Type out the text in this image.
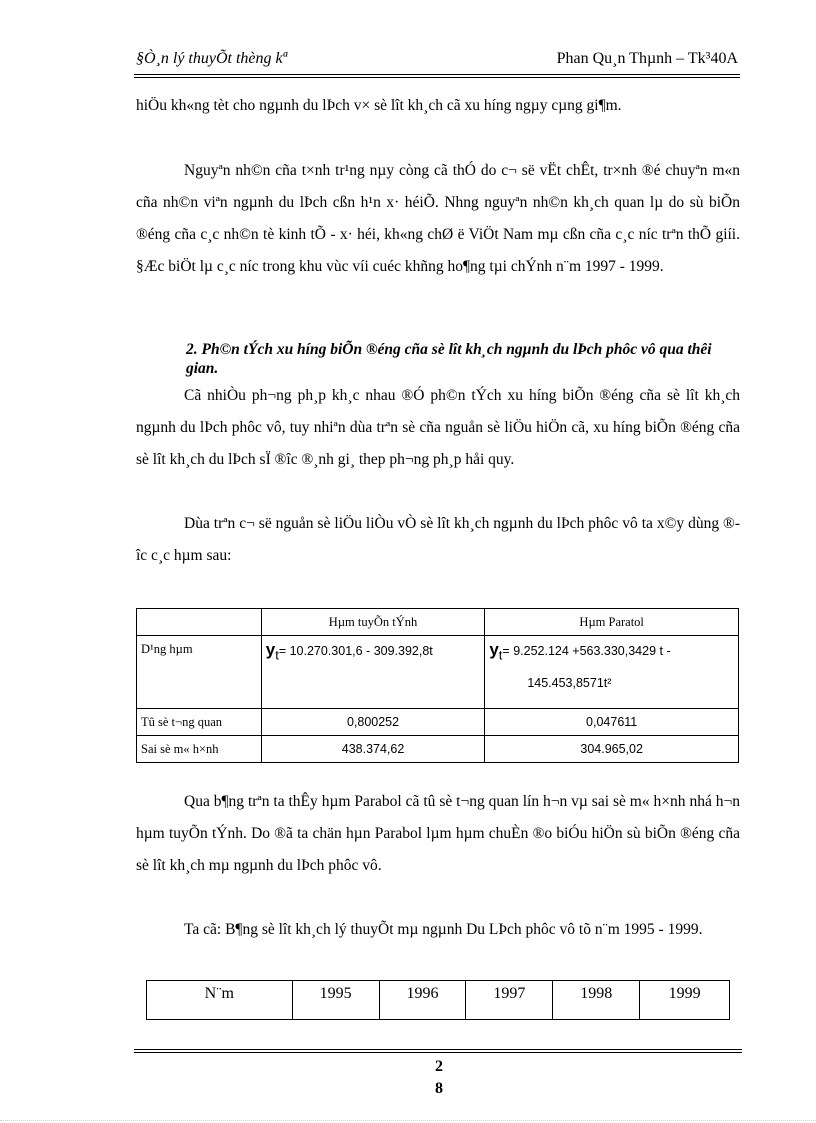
§Ò¸n lý thuyÕt thèng kª	Phan Qu¸n Thµnh – Tk³40A

hiÖu kh«ng tèt cho ngµnh du lÞch v× sè lît kh¸ch cã xu híng ngµy cµng gi¶m.

Nguyªn nh©n cña t×nh tr¹ng nµy còng cã thÓ do c¬ së vËt chÊt, tr×nh ®é chuyªn m«n cña nh©n viªn ngµnh du lÞch cßn h¹n x· héiÕ. Nhng nguyªn nh©n kh¸ch quan lµ do sù biÕn ®éng cña c¸c nh©n tè kinh tÕ - x· héi, kh«ng chØ ë ViÖt Nam mµ cßn cña c¸c níc trªn thÕ giíi. §Æc biÖt lµ c¸c níc trong khu vùc víi cuéc khñng ho¶ng tµi chÝnh n¨m 1997 - 1999.

2. Ph©n tÝch xu híng biÕn ®éng cña sè lît kh¸ch ngµnh du lÞch phôc vô qua thêi gian.

Cã nhiÒu ph¬ng ph¸p kh¸c nhau ®Ó ph©n tÝch xu híng biÕn ®éng cña sè lît kh¸ch ngµnh du lÞch phôc vô, tuy nhiªn dùa trªn sè cña nguån sè liÖu hiÖn cã, xu híng biÕn ®éng cña sè lît kh¸ch du lÞch sÏ ®îc ®¸nh gi¸ thep ph¬ng ph¸p håi quy.

Dùa trªn c¬ së nguån sè liÖu liÒu vÒ sè lît kh¸ch ngµnh du lÞch phôc vô ta x©y dùng ®îc c¸c hµm sau:

	Hµm tuyÕn tÝnh	Hµm Paratol
D¹ng hµm	$y_t= 10.270.301,6 - 309.392,8t$	$y_t= 9.252.124 +563.330,3429$ t -
145.453,8571t²

Tû sè t¬ng quan	0,800252	0,047611
Sai sè m« h×nh	438.374,62	304.965,02

Qua b¶ng trªn ta thÊy hµm Parabol cã tû sè t¬ng quan lín h¬n vµ sai sè m« h×nh nhá h¬n hµm tuyÕn tÝnh. Do ®ã ta chän hµn Parabol lµm hµm chuÈn ®o biÓu hiÖn sù biÕn ®éng cña sè lît kh¸ch mµ ngµnh du lÞch phôc vô.

Ta cã: B¶ng sè lît kh¸ch lý thuyÕt mµ ngµnh Du LÞch phôc vô tõ n¨m 1995 - 1999.

N¨m	1995	1996	1997	1998	1999
2
8
